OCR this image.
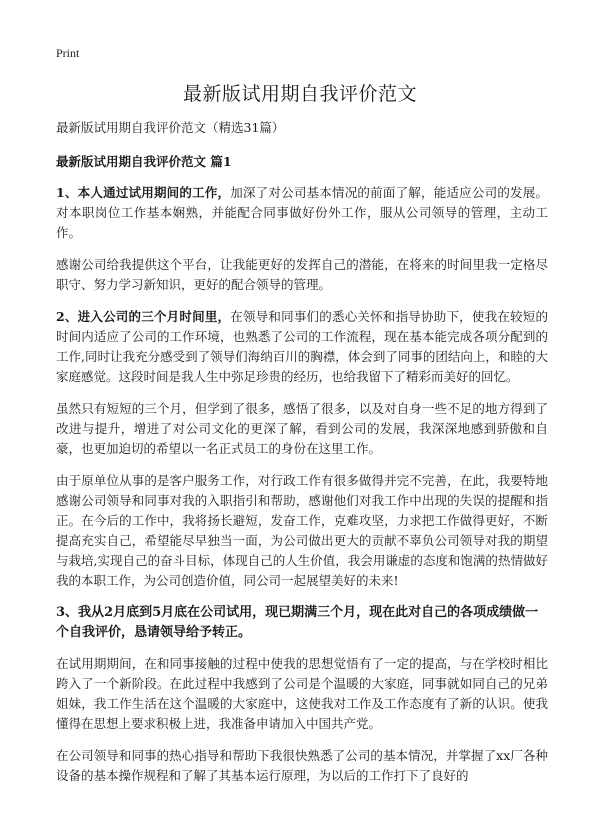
Print
最新版试用期自我评价范文

最新版试用期自我评价范文（精选31篇）

最新版试用期自我评价范文 篇1

1、本人通过试用期间的工作，加深了对公司基本情况的前面了解，能适应公司的发展。对本职岗位工作基本娴熟，并能配合同事做好份外工作，服从公司领导的管理，主动工作。

感谢公司给我提供这个平台，让我能更好的发挥自己的潜能，在将来的时间里我一定格尽职守、努力学习新知识，更好的配合领导的管理。

2、进入公司的三个月时间里，在领导和同事们的悉心关怀和指导协助下，使我在较短的时间内适应了公司的工作环境，也熟悉了公司的工作流程，现在基本能完成各项分配到的工作,同时让我充分感受到了领导们海纳百川的胸襟，体会到了同事的团结向上，和睦的大家庭感觉。这段时间是我人生中弥足珍贵的经历，也给我留下了精彩而美好的回忆。

虽然只有短短的三个月，但学到了很多，感悟了很多，以及对自身一些不足的地方得到了改进与提升，增进了对公司文化的更深了解，看到公司的发展，我深深地感到骄傲和自豪，也更加迫切的希望以一名正式员工的身份在这里工作。

由于原单位从事的是客户服务工作，对行政工作有很多做得并完不完善，在此，我要特地感谢公司领导和同事对我的入职指引和帮助，感谢他们对我工作中出现的失误的提醒和指正。在今后的工作中，我将扬长避短，发奋工作，克难攻坚，力求把工作做得更好，不断提高充实自己，希望能尽早独当一面，为公司做出更大的贡献不辜负公司领导对我的期望与栽培,实现自己的奋斗目标，体现自己的人生价值，我会用谦虚的态度和饱满的热情做好我的本职工作，为公司创造价值，同公司一起展望美好的未来!

3、我从2月底到5月底在公司试用，现已期满三个月，现在此对自己的各项成绩做一个自我评价，恳请领导给予转正。

在试用期期间，在和同事接触的过程中使我的思想觉悟有了一定的提高，与在学校时相比跨入了一个新阶段。在此过程中我感到了公司是个温暖的大家庭，同事就如同自己的兄弟姐妹，我工作生活在这个温暖的大家庭中，这使我对工作及工作态度有了新的认识。使我懂得在思想上要求积极上进，我准备申请加入中国共产党。

在公司领导和同事的热心指导和帮助下我很快熟悉了公司的基本情况，并掌握了xx厂各种设备的基本操作规程和了解了其基本运行原理，为以后的工作打下了良好的
